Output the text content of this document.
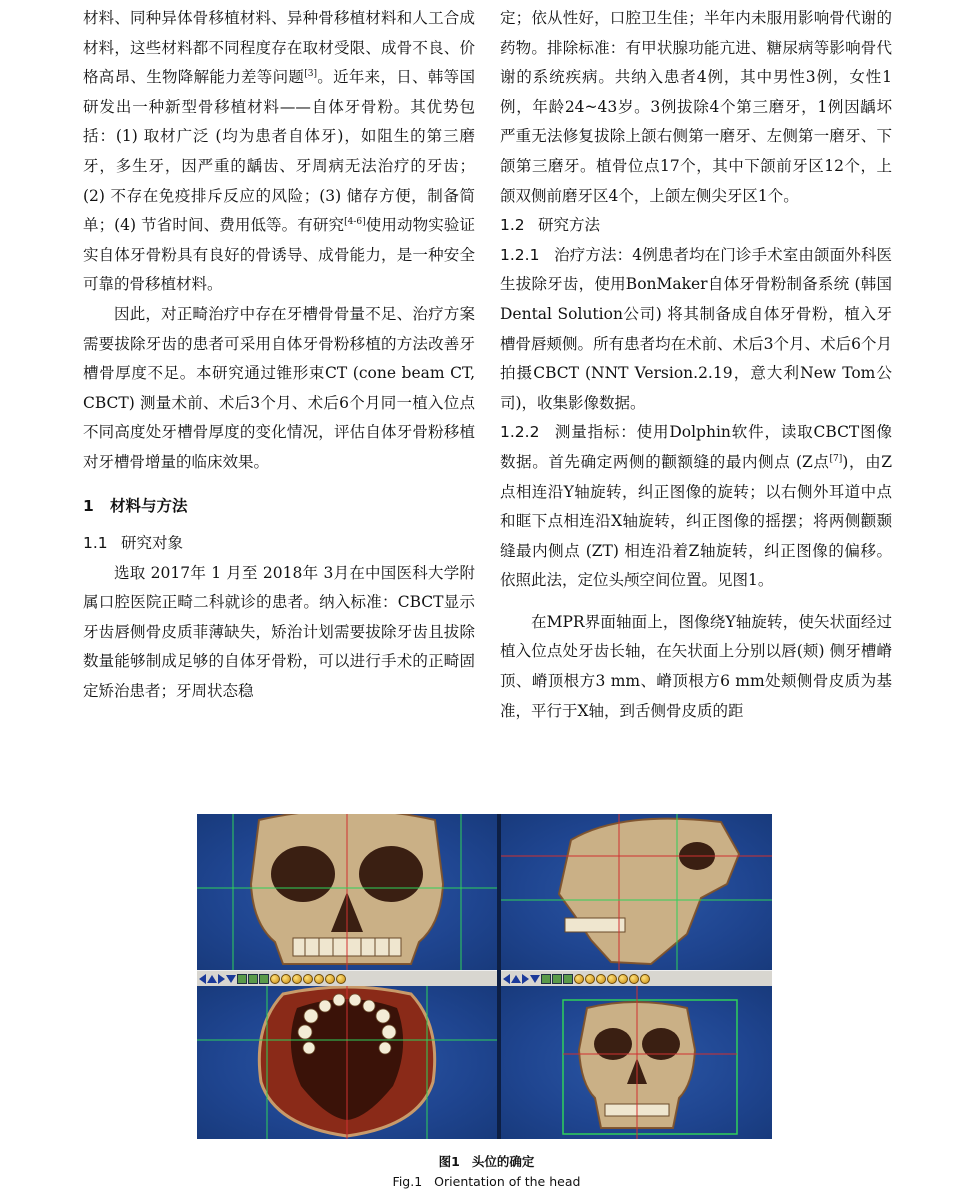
材料、同种异体骨移植材料、异种骨移植材料和人工合成材料，这些材料都不同程度存在取材受限、成骨不良、价格高昂、生物降解能力差等问题[3]。近年来，日、韩等国研发出一种新型骨移植材料——自体牙骨粉。其优势包括：(1) 取材广泛 (均为患者自体牙)，如阻生的第三磨牙，多生牙，因严重的龋齿、牙周病无法治疗的牙齿；(2) 不存在免疫排斥反应的风险；(3) 储存方便，制备简单；(4) 节省时间、费用低等。有研究[4-6]使用动物实验证实自体牙骨粉具有良好的骨诱导、成骨能力，是一种安全可靠的骨移植材料。

因此，对正畸治疗中存在牙槽骨骨量不足、治疗方案需要拔除牙齿的患者可采用自体牙骨粉移植的方法改善牙槽骨厚度不足。本研究通过锥形束CT (cone beam CT, CBCT) 测量术前、术后3个月、术后6个月同一植入位点不同高度处牙槽骨厚度的变化情况，评估自体牙骨粉移植对牙槽骨增量的临床效果。

1 材料与方法

1.1 研究对象

选取 2017年 1 月至 2018年 3月在中国医科大学附属口腔医院正畸二科就诊的患者。纳入标准：CBCT显示牙齿唇侧骨皮质菲薄缺失，矫治计划需要拔除牙齿且拔除数量能够制成足够的自体牙骨粉，可以进行手术的正畸固定矫治患者；牙周状态稳

定；依从性好，口腔卫生佳；半年内未服用影响骨代谢的药物。排除标准：有甲状腺功能亢进、糖尿病等影响骨代谢的系统疾病。共纳入患者4例，其中男性3例，女性1例，年龄24~43岁。3例拔除4个第三磨牙，1例因龋坏严重无法修复拔除上颌右侧第一磨牙、左侧第一磨牙、下颌第三磨牙。植骨位点17个，其中下颌前牙区12个，上颌双侧前磨牙区4个，上颌左侧尖牙区1个。

1.2 研究方法

1.2.1 治疗方法：4例患者均在门诊手术室由颌面外科医生拔除牙齿，使用BonMaker自体牙骨粉制备系统 (韩国Dental Solution公司) 将其制备成自体牙骨粉，植入牙槽骨唇颊侧。所有患者均在术前、术后3个月、术后6个月 拍摄CBCT (NNT Version.2.19，意大利New Tom公司)，收集影像数据。

1.2.2 测量指标：使用Dolphin软件，读取CBCT图像数据。首先确定两侧的颧额缝的最内侧点 (Z点[7])，由Z点相连沿Y轴旋转，纠正图像的旋转；以右侧外耳道中点和眶下点相连沿X轴旋转，纠正图像的摇摆；将两侧颧颞缝最内侧点 (ZT) 相连沿着Z轴旋转，纠正图像的偏移。依照此法，定位头颅空间位置。见图1。

在MPR界面轴面上，图像绕Y轴旋转，使矢状面经过植入位点处牙齿长轴，在矢状面上分别以唇(颊) 侧牙槽嵴顶、嵴顶根方3 mm、嵴顶根方6 mm处颊侧骨皮质为基准，平行于X轴，到舌侧骨皮质的距

图1 头位的确定
Fig.1 Orientation of the head
